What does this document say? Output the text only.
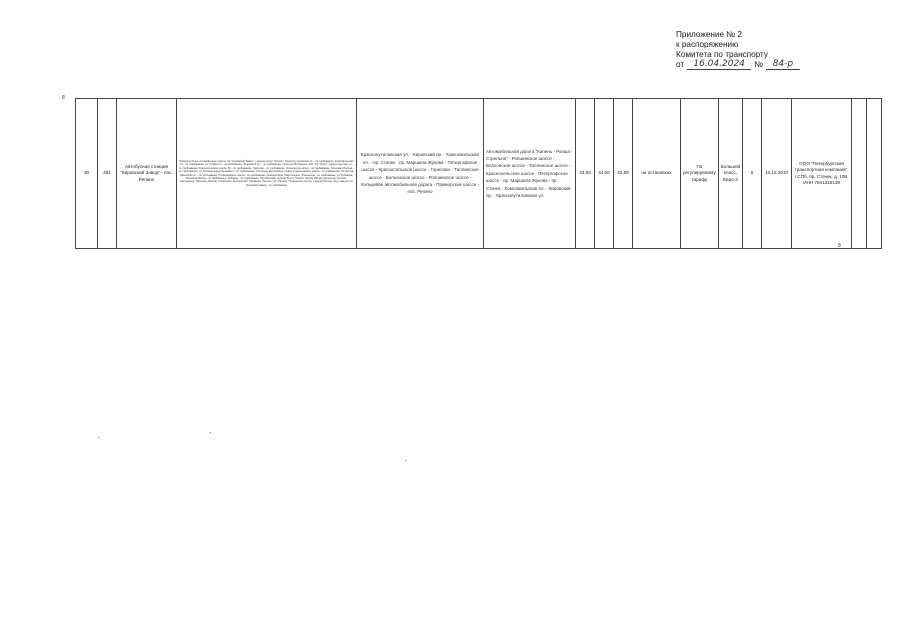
Приложение № 2
к распоряжению
Комитета по транспорту
от	16.04.2024	№	84-р
8
30	481	Автобусная станция "Кировский Завод" - пос. Репино	Промежуточные остановочные пункты: АС "Кировский Завод", станция метро "Автово", Краснопутиловская ул. - по требованию, Комсомольская пл. - по требованию, ул. Стойкости - по требованию, Ленинский пр. - по требованию, Проспект Ветеранов, 200, ТЦ "Ленто", Кронштадтская ул. - по требованию, Красносельское шоссе, 60 - по требованию, Горелово - по требованию, Ропшинское шоссе - по требованию, Сосновая Поляна - по требованию, ул. Пограничника Гарькавого - по требованию, Стрельна, Жемчужина, Новое Стрельнинское шоссе - по требованию, Петергоф, Заводская ул. - по требованию, Разбегаевское шоссе - по требованию, Ораниенбаум, Мартышкино, Ломоносов - по требованию, ул. Рубакина, Большая Ижора - по требованию, Лебяжье - по требованию, Гора-Валдай, Черная Лахта, Пеники, Малая Ижора, Кронштадт, Котлин, Сестрорецк, Тарховка, Разлив, Солнечное, Зеленогорск, Комарово, Репино, пос. Репино, Приморское шоссе, станция Репино, ж/д станция, АС Кировский Завод - по требованию	Краснопутиловская ул. - Кировский пр. - Комсомольская пл. - пр. Стачек - пр. Маршала Жукова - Петергофское шоссе - Красносельское шоссе - Горелово - Таллинское шоссе - Волхонское шоссе - Ропшинское шоссе - Кольцевая автомобильная дорога - Приморское шоссе - пос. Репино	Автомобильная дорога "Кипень - Ропша - Стрельна" - Ропшинское шоссе - Волхонское шоссе - Таллинское шоссе - Красносельское шоссе - Петергофское шоссе - пр. Маршала Жукова - пр. Стачек - Комсомольская пл. - Кировский пр. - Краснопутиловская ул.	43,93	44,00	43,89	на остановках	По регулируемому тарифу	Большой класс, Евро-3	5	10.12.2010	ООО "Петербургская транспортная компания", г.СПб, пр. Стачек, д. 108, ИНН 7841315139		
8
